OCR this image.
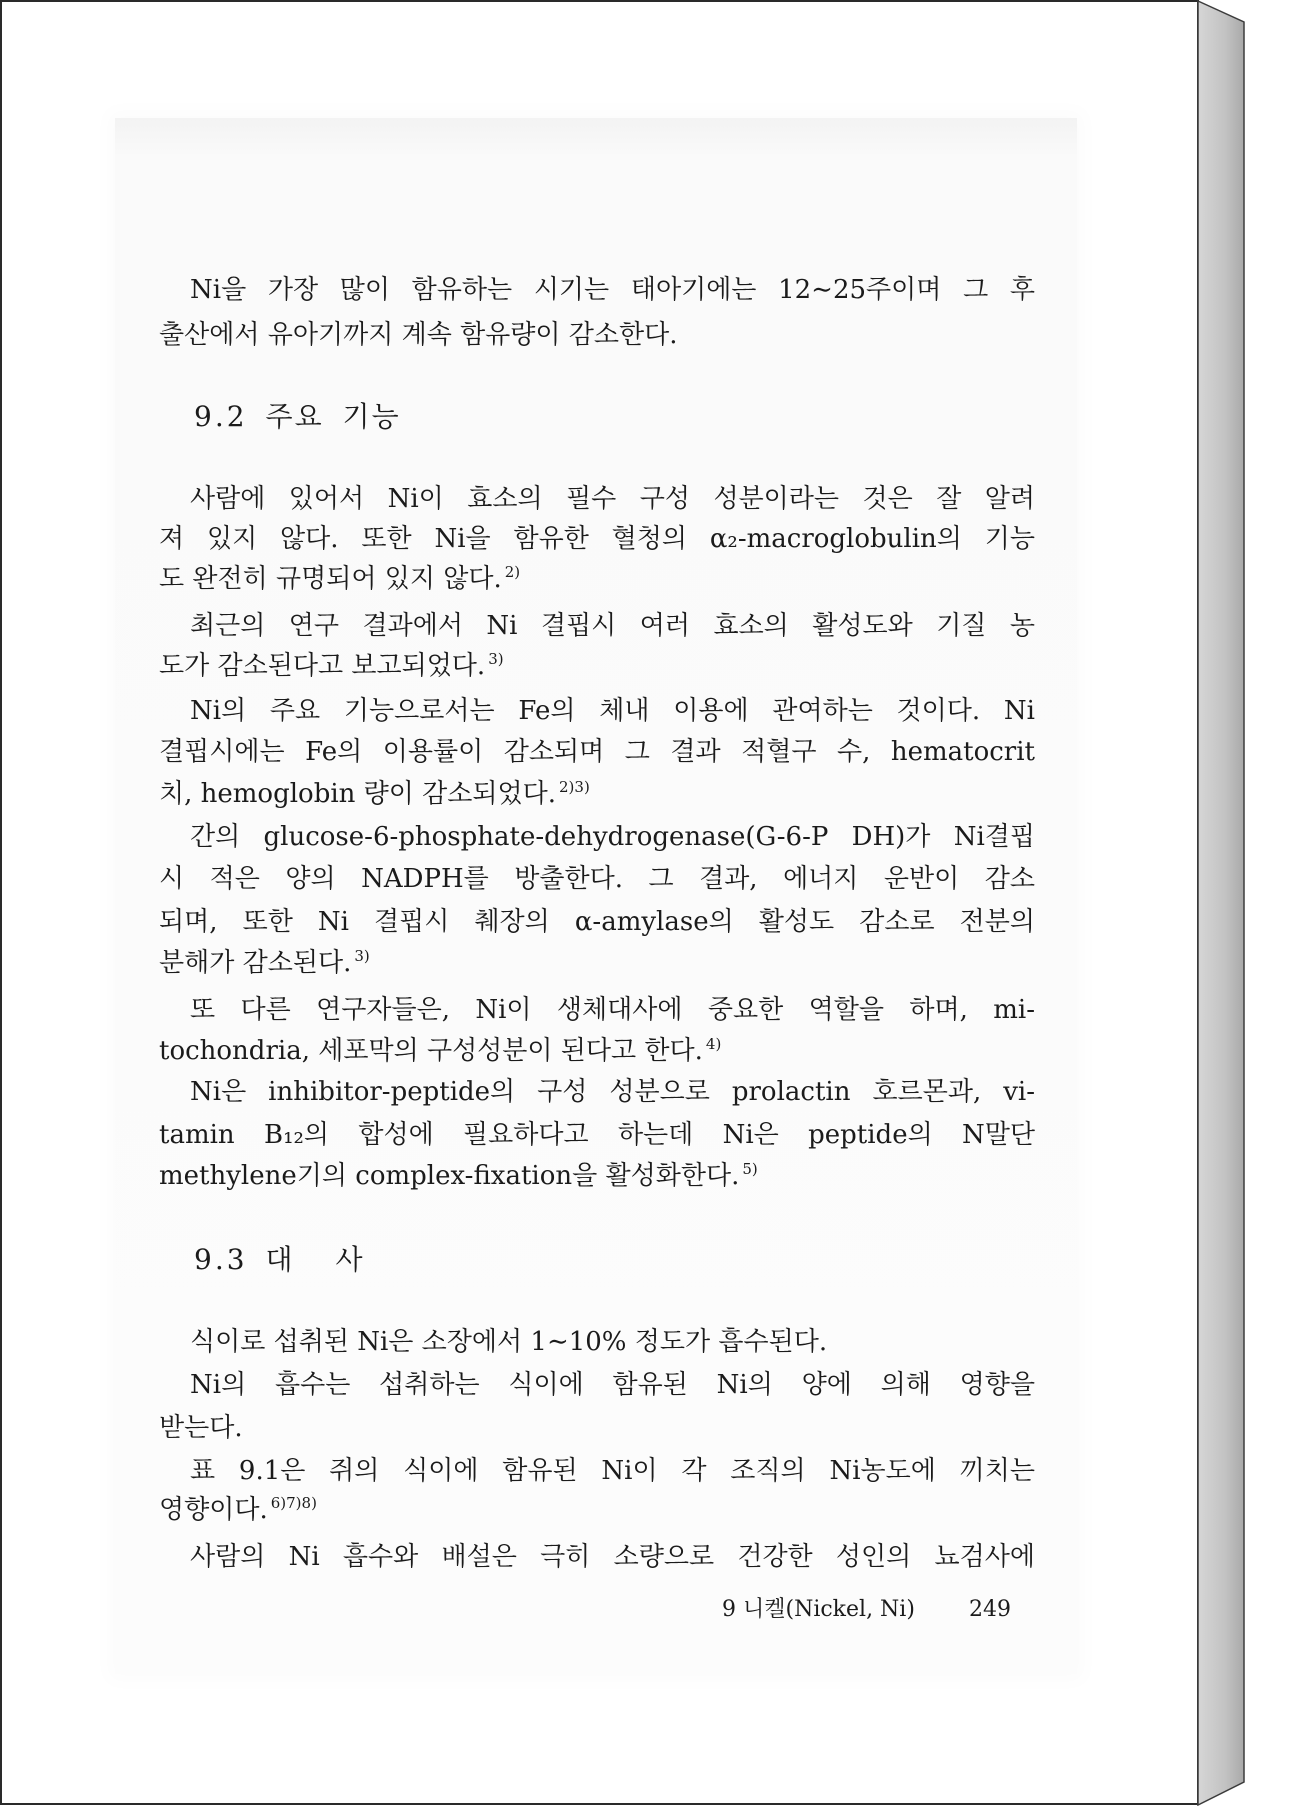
Ni을 가장 많이 함유하는 시기는 태아기에는 12∼25주이며 그 후
출산에서 유아기까지 계속 함유량이 감소한다.
9.2 주요 기능
사람에 있어서 Ni이 효소의 필수 구성 성분이라는 것은 잘 알려
져 있지 않다. 또한 Ni을 함유한 혈청의 α₂-macroglobulin의 기능
도 완전히 규명되어 있지 않다. $^{2)}$
최근의 연구 결과에서 Ni 결핍시 여러 효소의 활성도와 기질 농
도가 감소된다고 보고되었다. $^{3)}$
Ni의 주요 기능으로서는 Fe의 체내 이용에 관여하는 것이다. Ni
결핍시에는 Fe의 이용률이 감소되며 그 결과 적혈구 수, hematocrit
치, hemoglobin 량이 감소되었다. $^{2)3)}$
간의 glucose-6-phosphate-dehydrogenase(G-6-P DH)가 Ni결핍
시 적은 양의 NADPH를 방출한다. 그 결과, 에너지 운반이 감소
되며, 또한 Ni 결핍시 췌장의 α-amylase의 활성도 감소로 전분의
분해가 감소된다. $^{3)}$
또 다른 연구자들은, Ni이 생체대사에 중요한 역할을 하며, mi-
tochondria, 세포막의 구성성분이 된다고 한다. $^{4)}$
Ni은 inhibitor-peptide의 구성 성분으로 prolactin 호르몬과, vi-
tamin B₁₂의 합성에 필요하다고 하는데 Ni은 peptide의 N말단
methylene기의 complex-fixation을 활성화한다. $^{5)}$
9.3 대 사
식이로 섭취된 Ni은 소장에서 1∼10% 정도가 흡수된다.
Ni의 흡수는 섭취하는 식이에 함유된 Ni의 양에 의해 영향을
받는다.
표 9.1은 쥐의 식이에 함유된 Ni이 각 조직의 Ni농도에 끼치는
영향이다. $^{6)7)8)}$
사람의 Ni 흡수와 배설은 극히 소량으로 건강한 성인의 뇨검사에
9 니켈(Nickel, Ni) 249
